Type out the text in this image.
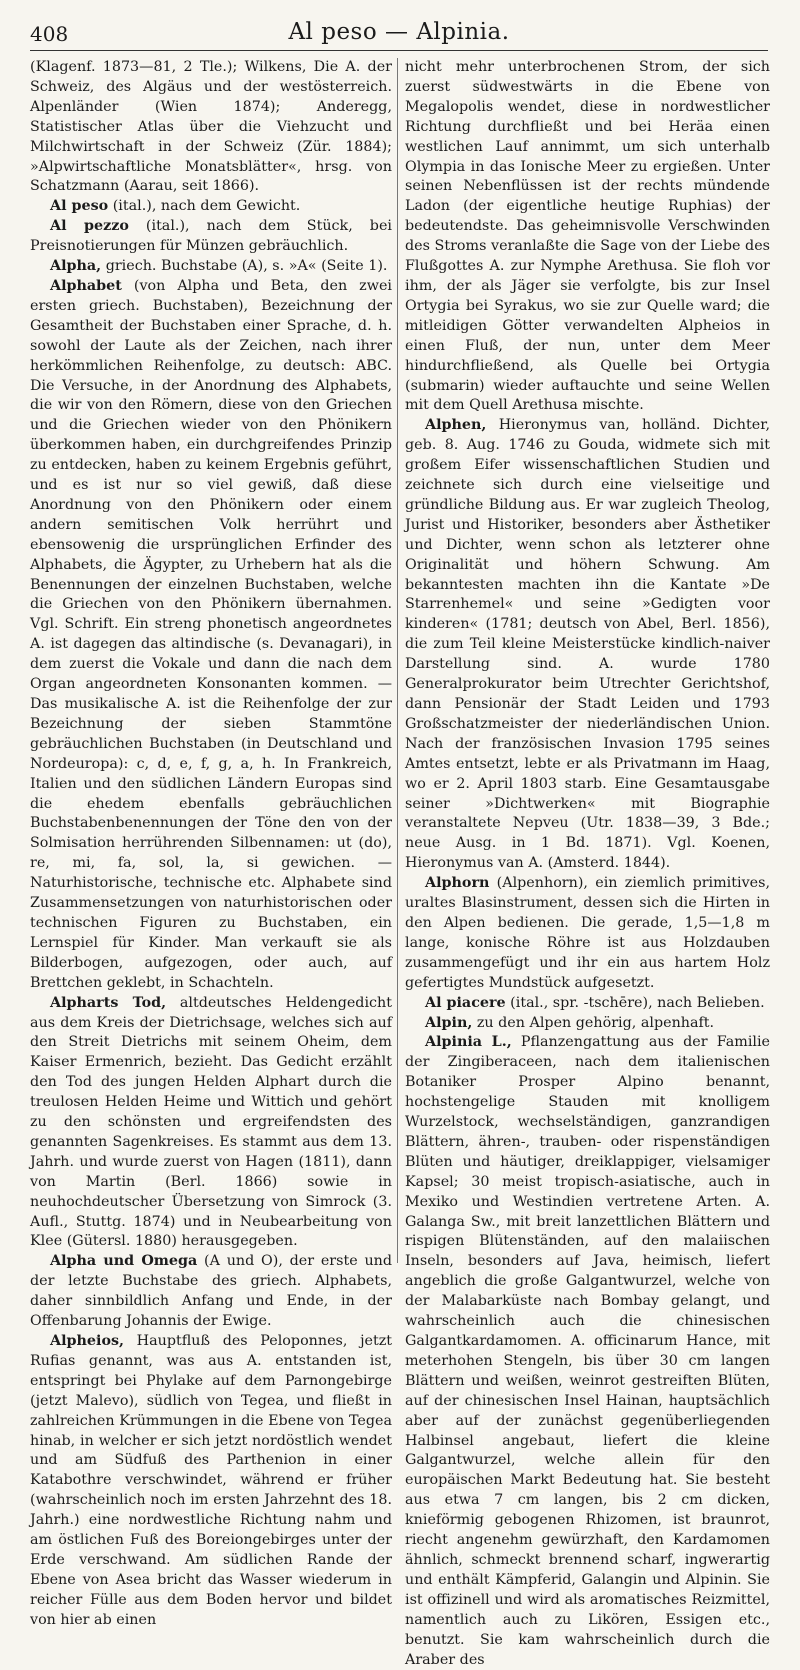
408	Al peso — Alpinia.

(Klagenf. 1873—81, 2 Tle.); Wilkens, Die A. der Schweiz, des Algäus und der westösterreich. Alpenländer (Wien 1874); Anderegg, Statistischer Atlas über die Viehzucht und Milchwirtschaft in der Schweiz (Zür. 1884); »Alpwirtschaftliche Monatsblätter«, hrsg. von Schatzmann (Aarau, seit 1866).

Al peso (ital.), nach dem Gewicht.

Al pezzo (ital.), nach dem Stück, bei Preisnotierungen für Münzen gebräuchlich.

Alpha, griech. Buchstabe (A), s. »A« (Seite 1).

Alphabet (von Alpha und Beta, den zwei ersten griech. Buchstaben), Bezeichnung der Gesamtheit der Buchstaben einer Sprache, d. h. sowohl der Laute als der Zeichen, nach ihrer herkömmlichen Reihenfolge, zu deutsch: ABC. Die Versuche, in der Anordnung des Alphabets, die wir von den Römern, diese von den Griechen und die Griechen wieder von den Phönikern überkommen haben, ein durchgreifendes Prinzip zu entdecken, haben zu keinem Ergebnis geführt, und es ist nur so viel gewiß, daß diese Anordnung von den Phönikern oder einem andern semitischen Volk herrührt und ebensowenig die ursprünglichen Erfinder des Alphabets, die Ägypter, zu Urhebern hat als die Benennungen der einzelnen Buchstaben, welche die Griechen von den Phönikern übernahmen. Vgl. Schrift. Ein streng phonetisch angeordnetes A. ist dagegen das altindische (s. Devanagari), in dem zuerst die Vokale und dann die nach dem Organ angeordneten Konsonanten kommen. — Das musikalische A. ist die Reihenfolge der zur Bezeichnung der sieben Stammtöne gebräuchlichen Buchstaben (in Deutschland und Nordeuropa): c, d, e, f, g, a, h. In Frankreich, Italien und den südlichen Ländern Europas sind die ehedem ebenfalls gebräuchlichen Buchstabenbenennungen der Töne den von der Solmisation herrührenden Silbennamen: ut (do), re, mi, fa, sol, la, si gewichen. — Naturhistorische, technische etc. Alphabete sind Zusammensetzungen von naturhistorischen oder technischen Figuren zu Buchstaben, ein Lernspiel für Kinder. Man verkauft sie als Bilderbogen, aufgezogen, oder auch, auf Brettchen geklebt, in Schachteln.

Alpharts Tod, altdeutsches Heldengedicht aus dem Kreis der Dietrichsage, welches sich auf den Streit Dietrichs mit seinem Oheim, dem Kaiser Ermenrich, bezieht. Das Gedicht erzählt den Tod des jungen Helden Alphart durch die treulosen Helden Heime und Wittich und gehört zu den schönsten und ergreifendsten des genannten Sagenkreises. Es stammt aus dem 13. Jahrh. und wurde zuerst von Hagen (1811), dann von Martin (Berl. 1866) sowie in neuhochdeutscher Übersetzung von Simrock (3. Aufl., Stuttg. 1874) und in Neubearbeitung von Klee (Gütersl. 1880) herausgegeben.

Alpha und Omega (A und O), der erste und der letzte Buchstabe des griech. Alphabets, daher sinnbildlich Anfang und Ende, in der Offenbarung Johannis der Ewige.

Alpheios, Hauptfluß des Peloponnes, jetzt Rufias genannt, was aus A. entstanden ist, entspringt bei Phylake auf dem Parnongebirge (jetzt Malevo), südlich von Tegea, und fließt in zahlreichen Krümmungen in die Ebene von Tegea hinab, in welcher er sich jetzt nordöstlich wendet und am Südfuß des Parthenion in einer Katabothre verschwindet, während er früher (wahrscheinlich noch im ersten Jahrzehnt des 18. Jahrh.) eine nordwestliche Richtung nahm und am östlichen Fuß des Boreiongebirges unter der Erde verschwand. Am südlichen Rande der Ebene von Asea bricht das Wasser wiederum in reicher Fülle aus dem Boden hervor und bildet von hier ab einen

nicht mehr unterbrochenen Strom, der sich zuerst südwestwärts in die Ebene von Megalopolis wendet, diese in nordwestlicher Richtung durchfließt und bei Heräa einen westlichen Lauf annimmt, um sich unterhalb Olympia in das Ionische Meer zu ergießen. Unter seinen Nebenflüssen ist der rechts mündende Ladon (der eigentliche heutige Ruphias) der bedeutendste. Das geheimnisvolle Verschwinden des Stroms veranlaßte die Sage von der Liebe des Flußgottes A. zur Nymphe Arethusa. Sie floh vor ihm, der als Jäger sie verfolgte, bis zur Insel Ortygia bei Syrakus, wo sie zur Quelle ward; die mitleidigen Götter verwandelten Alpheios in einen Fluß, der nun, unter dem Meer hindurchfließend, als Quelle bei Ortygia (submarin) wieder auftauchte und seine Wellen mit dem Quell Arethusa mischte.

Alphen, Hieronymus van, holländ. Dichter, geb. 8. Aug. 1746 zu Gouda, widmete sich mit großem Eifer wissenschaftlichen Studien und zeichnete sich durch eine vielseitige und gründliche Bildung aus. Er war zugleich Theolog, Jurist und Historiker, besonders aber Ästhetiker und Dichter, wenn schon als letzterer ohne Originalität und höhern Schwung. Am bekanntesten machten ihn die Kantate »De Starrenhemel« und seine »Gedigten voor kinderen« (1781; deutsch von Abel, Berl. 1856), die zum Teil kleine Meisterstücke kindlich-naiver Darstellung sind. A. wurde 1780 Generalprokurator beim Utrechter Gerichtshof, dann Pensionär der Stadt Leiden und 1793 Großschatzmeister der niederländischen Union. Nach der französischen Invasion 1795 seines Amtes entsetzt, lebte er als Privatmann im Haag, wo er 2. April 1803 starb. Eine Gesamtausgabe seiner »Dichtwerken« mit Biographie veranstaltete Nepveu (Utr. 1838—39, 3 Bde.; neue Ausg. in 1 Bd. 1871). Vgl. Koenen, Hieronymus van A. (Amsterd. 1844).

Alphorn (Alpenhorn), ein ziemlich primitives, uraltes Blasinstrument, dessen sich die Hirten in den Alpen bedienen. Die gerade, 1,5—1,8 m lange, konische Röhre ist aus Holzdauben zusammengefügt und ihr ein aus hartem Holz gefertigtes Mundstück aufgesetzt.

Al piacere (ital., spr. -tschēre), nach Belieben.

Alpin, zu den Alpen gehörig, alpenhaft.

Alpinia L., Pflanzengattung aus der Familie der Zingiberaceen, nach dem italienischen Botaniker Prosper Alpino benannt, hochstengelige Stauden mit knolligem Wurzelstock, wechselständigen, ganzrandigen Blättern, ähren-, trauben- oder rispenständigen Blüten und häutiger, dreiklappiger, vielsamiger Kapsel; 30 meist tropisch-asiatische, auch in Mexiko und Westindien vertretene Arten. A. Galanga Sw., mit breit lanzettlichen Blättern und rispigen Blütenständen, auf den malaiischen Inseln, besonders auf Java, heimisch, liefert angeblich die große Galgantwurzel, welche von der Malabarküste nach Bombay gelangt, und wahrscheinlich auch die chinesischen Galgantkardamomen. A. officinarum Hance, mit meterhohen Stengeln, bis über 30 cm langen Blättern und weißen, weinrot gestreiften Blüten, auf der chinesischen Insel Hainan, hauptsächlich aber auf der zunächst gegenüberliegenden Halbinsel angebaut, liefert die kleine Galgantwurzel, welche allein für den europäischen Markt Bedeutung hat. Sie besteht aus etwa 7 cm langen, bis 2 cm dicken, knieförmig gebogenen Rhizomen, ist braunrot, riecht angenehm gewürzhaft, den Kardamomen ähnlich, schmeckt brennend scharf, ingwerartig und enthält Kämpferid, Galangin und Alpinin. Sie ist offizinell und wird als aromatisches Reizmittel, namentlich auch zu Likören, Essigen etc., benutzt. Sie kam wahrscheinlich durch die Araber des
